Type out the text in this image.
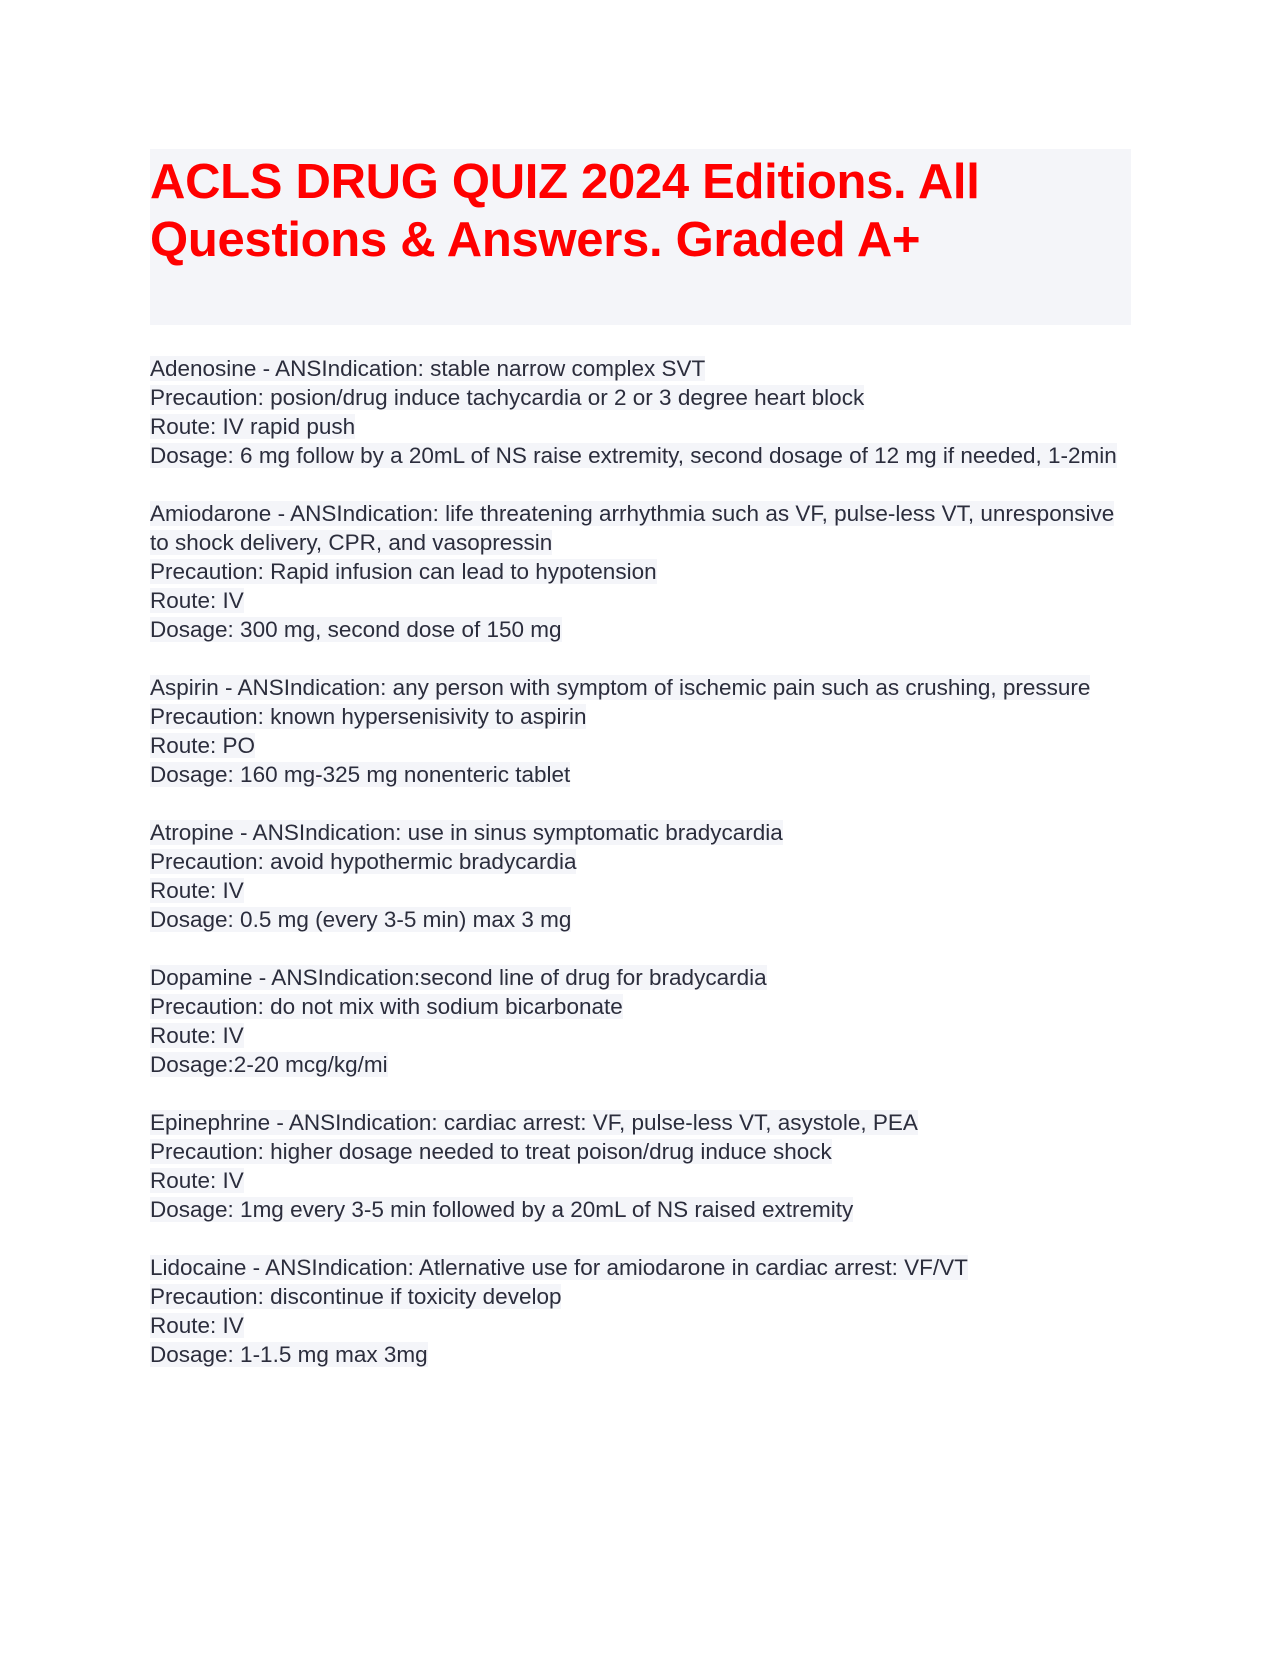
ACLS DRUG QUIZ 2024 Editions. All Questions & Answers. Graded A+
Adenosine - ANSIndication: stable narrow complex SVT
Precaution: posion/drug induce tachycardia or 2 or 3 degree heart block
Route: IV rapid push
Dosage: 6 mg follow by a 20mL of NS raise extremity, second dosage of 12 mg if needed, 1-2min
Amiodarone - ANSIndication: life threatening arrhythmia such as VF, pulse-less VT, unresponsive to shock delivery, CPR, and vasopressin
Precaution: Rapid infusion can lead to hypotension
Route: IV
Dosage: 300 mg, second dose of 150 mg
Aspirin - ANSIndication: any person with symptom of ischemic pain such as crushing, pressure
Precaution: known hypersenisivity to aspirin
Route: PO
Dosage: 160 mg-325 mg nonenteric tablet
Atropine - ANSIndication: use in sinus symptomatic bradycardia
Precaution: avoid hypothermic bradycardia
Route: IV
Dosage: 0.5 mg (every 3-5 min) max 3 mg
Dopamine - ANSIndication:second line of drug for bradycardia
Precaution: do not mix with sodium bicarbonate
Route: IV
Dosage:2-20 mcg/kg/mi
Epinephrine - ANSIndication: cardiac arrest: VF, pulse-less VT, asystole, PEA
Precaution: higher dosage needed to treat poison/drug induce shock
Route: IV
Dosage: 1mg every 3-5 min followed by a 20mL of NS raised extremity
Lidocaine - ANSIndication: Atlernative use for amiodarone in cardiac arrest: VF/VT
Precaution: discontinue if toxicity develop
Route: IV
Dosage: 1-1.5 mg max 3mg
